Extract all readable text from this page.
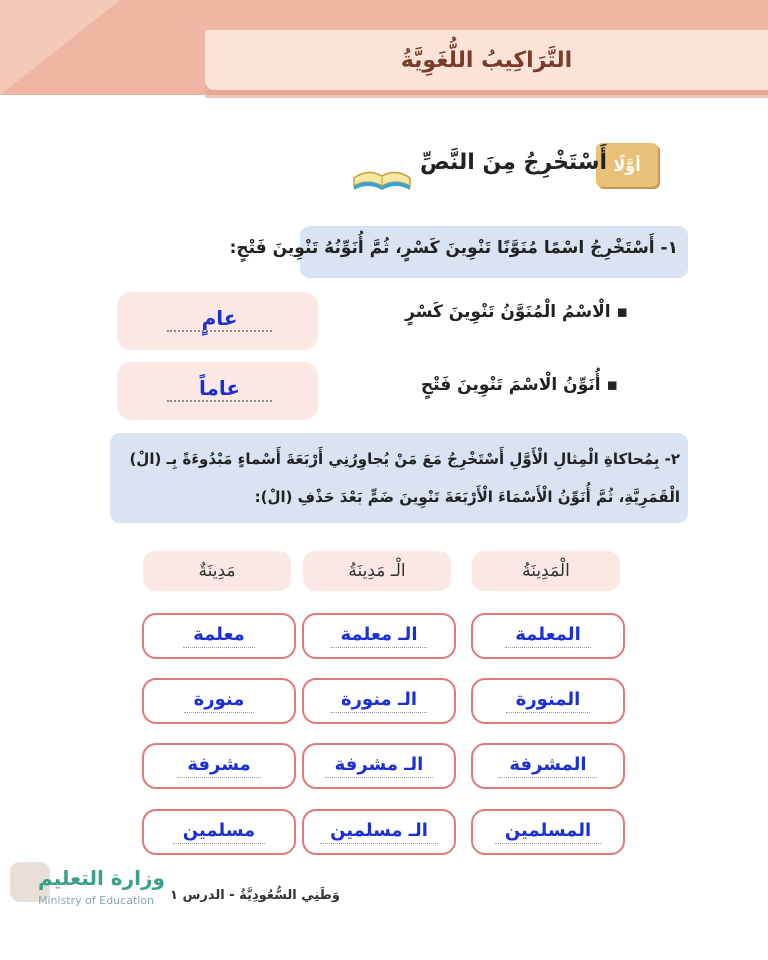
التَّرَاكِيبُ اللُّغَوِيَّةُ
أوَّلًا
أَسْتَخْرِجُ مِنَ النَّصِّ
١- أَسْتَخْرِجُ اسْمًا مُنَوَّنًا تَنْوِينَ كَسْرٍ، ثُمَّ أُنَوِّنُهُ تَنْوِينَ فَتْحٍ:
▪ الْاسْمُ الْمُنَوَّنُ تَنْوِينَ كَسْرٍ
عامٍ
▪ أُنَوِّنُ الْاسْمَ تَنْوِينَ فَتْحٍ
عاماً
٢- بِمُحاكاةِ الْمِثالِ الْأَوَّلِ أَسْتَخْرِجُ مَعَ مَنْ يُجاوِرُنِي أَرْبَعَةَ أَسْماءٍ مَبْدُوءَةً بِـ (الْ)
الْقَمَرِيَّةِ، ثُمَّ أُنَوِّنُ الْأَسْمَاءَ الْأَرْبَعَةَ تَنْوِينَ ضَمٍّ بَعْدَ حَذْفِ (الْ):
الْمَدِينَةُ
الْـ مَدِينَةُ
مَدِينَةٌ
المعلمة
الـ معلمة
معلمة
المنورة
الـ منورة
منورة
المشرفة
الـ مشرفة
مشرفة
المسلمين
الـ مسلمين
مسلمين
وزارة التعليم
Ministry of Education وَطَنِي السُّعُودِيَّةُ - الدرس ١
